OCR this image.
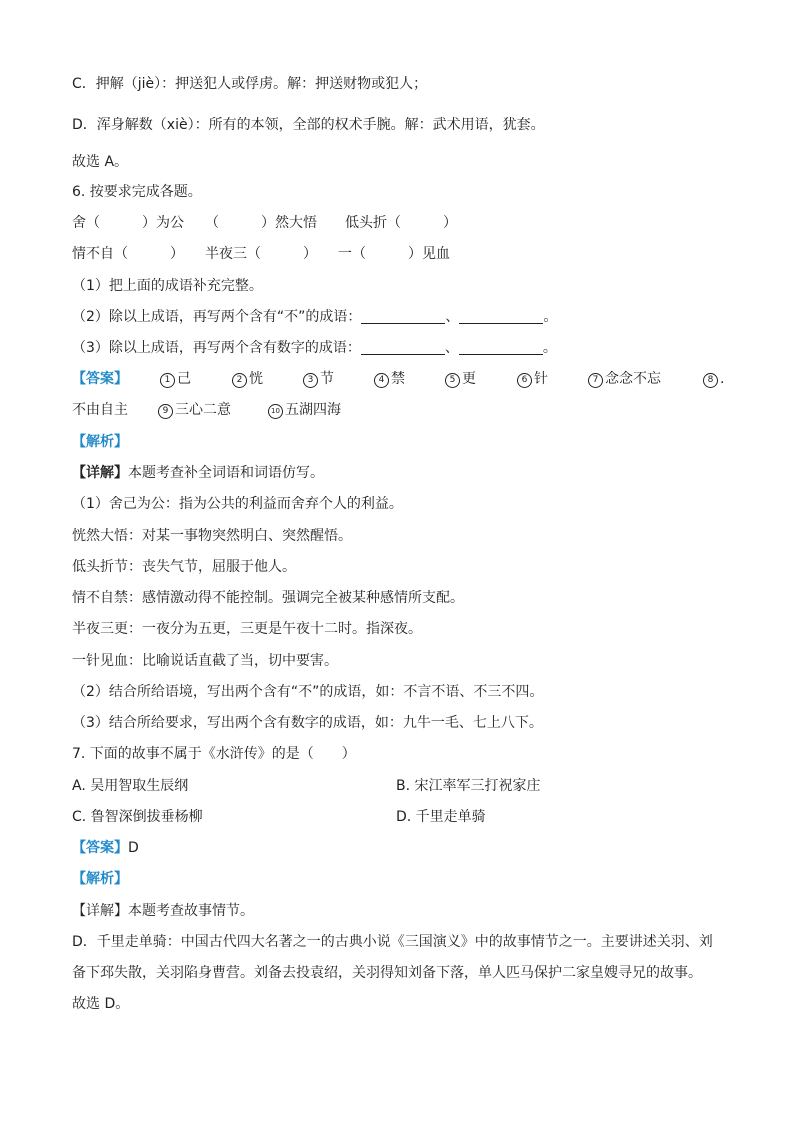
C．押解（jiè）：押送犯人或俘虏。解：押送财物或犯人；
D．浑身解数（xiè）：所有的本领，全部的权术手腕。解：武术用语，犹套。
故选 A。
6. 按要求完成各题。
舍（　　　）为公　　（　　　）然大悟　　低头折（　　　）
情不自（　　　）　　半夜三（　　　）　　一（　　　）见血
（1）把上面的成语补充完整。
（2）除以上成语，再写两个含有“不”的成语：	、	。
（3）除以上成语，再写两个含有数字的成语：	、	。
【答案】	1 己	2 恍	3 节	4 禁	5 更	6 针	7 念念不忘	8 .
不由自主	9 三心二意	10 五湖四海
【解析】
【详解】本题考查补全词语和词语仿写。
（1）舍己为公：指为公共的利益而舍弃个人的利益。
恍然大悟：对某一事物突然明白、突然醒悟。
低头折节：丧失气节，屈服于他人。
情不自禁：感情激动得不能控制。强调完全被某种感情所支配。
半夜三更：一夜分为五更，三更是午夜十二时。指深夜。
一针见血：比喻说话直截了当，切中要害。
（2）结合所给语境，写出两个含有“不”的成语，如：不言不语、不三不四。
（3）结合所给要求，写出两个含有数字的成语，如：九牛一毛、七上八下。
7. 下面的故事不属于《水浒传》的是（　　）
A. 吴用智取生辰纲	B. 宋江率军三打祝家庄
C. 鲁智深倒拔垂杨柳	D. 千里走单骑
【答案】D
【解析】
【详解】本题考查故事情节。
D．千里走单骑：中国古代四大名著之一的古典小说《三国演义》中的故事情节之一。主要讲述关羽、刘
备下邳失散，关羽陷身曹营。刘备去投袁绍，关羽得知刘备下落，单人匹马保护二家皇嫂寻兄的故事。
故选 D。
